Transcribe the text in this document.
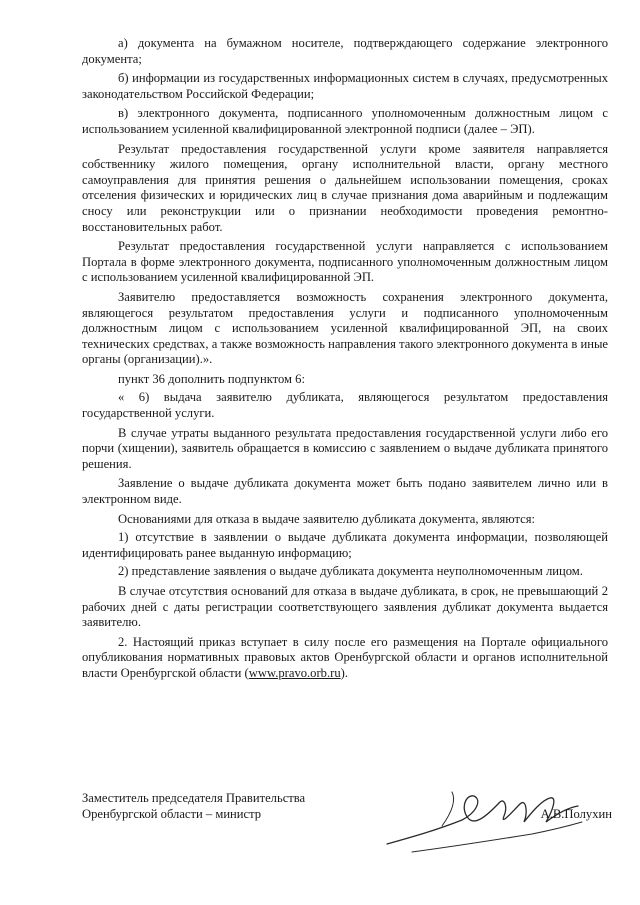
а) документа на бумажном носителе, подтверждающего содержание электронного документа;

б) информации из государственных информационных систем в случаях, предусмотренных законодательством Российской Федерации;

в) электронного документа, подписанного уполномоченным должностным лицом с использованием усиленной квалифицированной электронной подписи (далее – ЭП).

Результат предоставления государственной услуги кроме заявителя направляется собственнику жилого помещения, органу исполнительной власти, органу местного самоуправления для принятия решения о дальнейшем использовании помещения, сроках отселения физических и юридических лиц в случае признания дома аварийным и подлежащим сносу или реконструкции или о признании необходимости проведения ремонтно-восстановительных работ.

Результат предоставления государственной услуги направляется с использованием Портала в форме электронного документа, подписанного уполномоченным должностным лицом с использованием усиленной квалифицированной ЭП.

Заявителю предоставляется возможность сохранения электронного документа, являющегося результатом предоставления услуги и подписанного уполномоченным должностным лицом с использованием усиленной квалифицированной ЭП, на своих технических средствах, а также возможность направления такого электронного документа в иные органы (организации).».

пункт 36 дополнить подпунктом 6:

« 6) выдача заявителю дубликата, являющегося результатом предоставления государственной услуги.

В случае утраты выданного результата предоставления государственной услуги либо его порчи (хищении), заявитель обращается в комиссию с заявлением о выдаче дубликата принятого решения.

Заявление о выдаче дубликата документа может быть подано заявителем лично или в электронном виде.

Основаниями для отказа в выдаче заявителю дубликата документа, являются:

1) отсутствие в заявлении о выдаче дубликата документа информации, позволяющей идентифицировать ранее выданную информацию;

2) представление заявления о выдаче дубликата документа неуполномоченным лицом.

В случае отсутствия оснований для отказа в выдаче дубликата, в срок, не превышающий 2 рабочих дней с даты регистрации соответствующего заявления дубликат документа выдается заявителю.

2. Настоящий приказ вступает в силу после его размещения на Портале официального опубликования нормативных правовых актов Оренбургской области и органов исполнительной власти Оренбургской области (www.pravo.orb.ru).

Заместитель председателя Правительства

Оренбургской области – министр	А.В.Полухин
